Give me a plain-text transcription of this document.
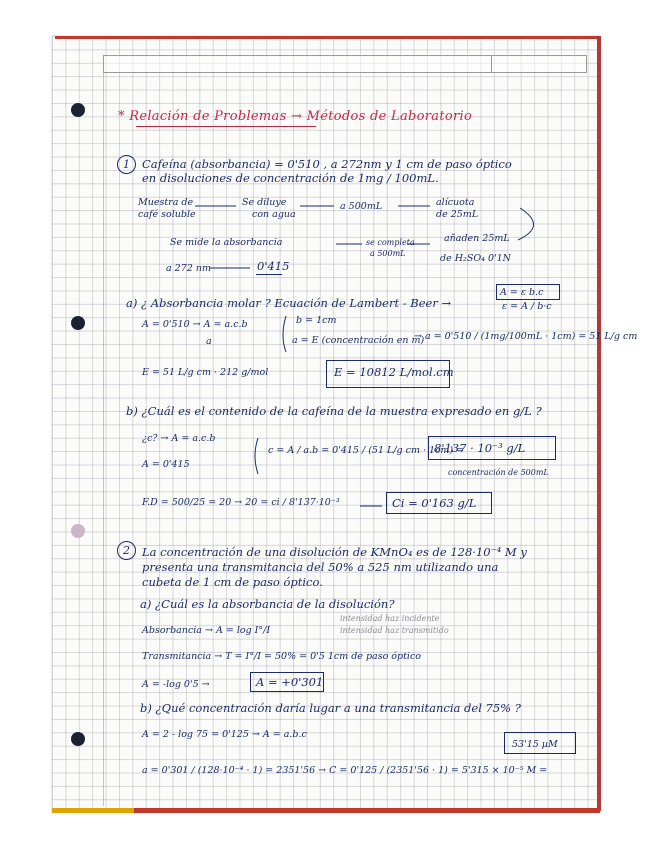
* Relación de Problemas → Métodos de Laboratorio
1	Cafeína (absorbancia) = 0'510 , a 272nm y 1 cm de paso óptico
en disoluciones de concentración de 1mg / 100mL.
Muestra de
café soluble
Se diluye
con agua
a 500mL	alícuota
de 25mL
Se mide la absorbancia	se completa
a 500mL
añaden 25mL
de H₂SO₄ 0'1N
a 272 nm	0'415
A = ε b.c
ε = A / b·c
a) ¿ Absorbancia molar ? Ecuación de Lambert - Beer →
A = 0'510 → A = a.c.b	b = 1cm
a	a = E (concentración en m)
→ a = 0'510 / (1mg/100mL · 1cm) = 51 L/g cm
E = 51 L/g cm · 212 g/mol	E = 10812 L/mol.cm
b) ¿Cuál es el contenido de la cafeína de la muestra expresado en g/L ?
¿c? → A = a.c.b
A = 0'415
c = A / a.b = 0'415 / (51 L/g cm · 1cm) =
8'137 · 10⁻³ g/L
concentración de 500mL
F.D = 500/25 = 20 → 20 = ci / 8'137·10⁻³	Ci = 0'163 g/L
2	La concentración de una disolución de KMnO₄ es de 128·10⁻⁴ M y
presenta una transmitancia del 50% a 525 nm utilizando una
cubeta de 1 cm de paso óptico.
a) ¿Cuál es la absorbancia de la disolución?
Absorbancia → A = log I°/I
intensidad haz incidente
intensidad haz transmitido
Transmitancia → T = I°/I = 50% = 0'5 1cm de paso óptico
A = -log 0'5 →	A = +0'301
b) ¿Qué concentración daría lugar a una transmitancia del 75% ?
A = 2 - log 75 = 0'125 → A = a.b.c
53'15 µM
a = 0'301 / (128·10⁻⁴ · 1) = 2351'56 → C = 0'125 / (2351'56 · 1) = 5'315 × 10⁻⁵ M =
